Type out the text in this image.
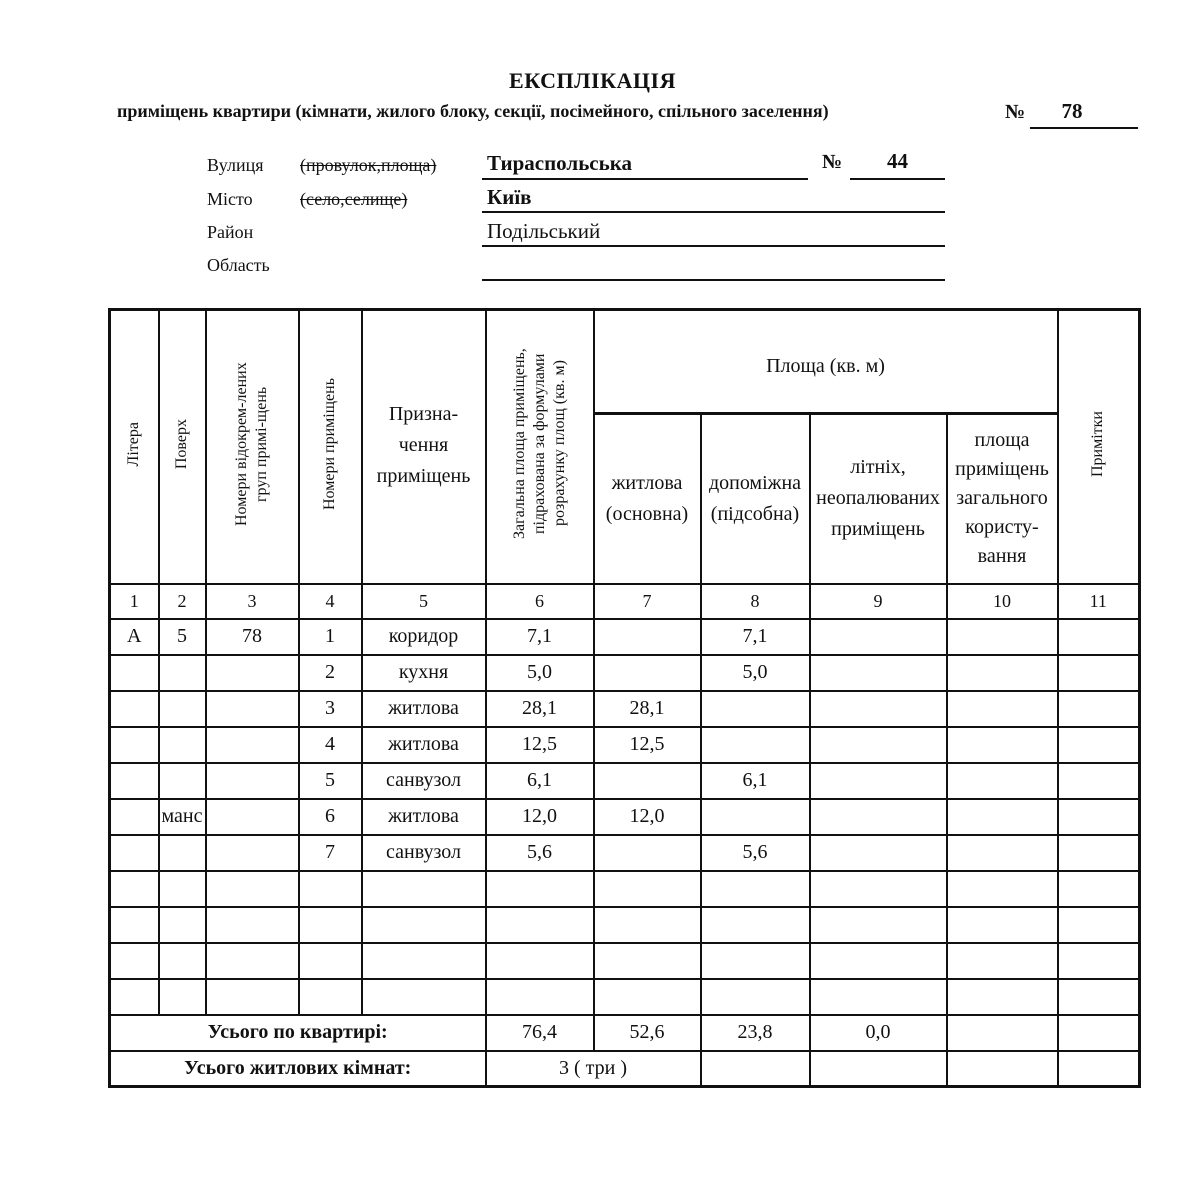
ЕКСПЛІКАЦІЯ
приміщень квартири (кімнати, жилого блоку, секції, посімейного, спільного заселення)	№	78
Вулиця (провулок,площа) Тираспольська	№	44
Місто	(село,селище)	Київ
Район	Подільський
Область
Літера	Поверх	Номери відокрем-лених груп примі-щень	Номери приміщень	Призна-чення приміщень	Загальна площа приміщень, підрахована за формулами розрахунку площ (кв. м)	Площа (кв. м)				Примітки
						житлова (основна)	допоміжна (підсобна)	літніх, неопалюваних приміщень	площа приміщень загального користу-вання	
1	2	3	4	5	6	7	8	9	10	11
А	5	78	1	коридор	7,1		7,1			
			2	кухня	5,0		5,0			
			3	житлова	28,1	28,1				
			4	житлова	12,5	12,5				
			5	санвузол	6,1		6,1			
	манс		6	житлова	12,0	12,0				
			7	санвузол	5,6		5,6			

Усього по квартирі:					76,4	52,6	23,8	0,0		
Усього житлових кімнат:					3 ( три )					
